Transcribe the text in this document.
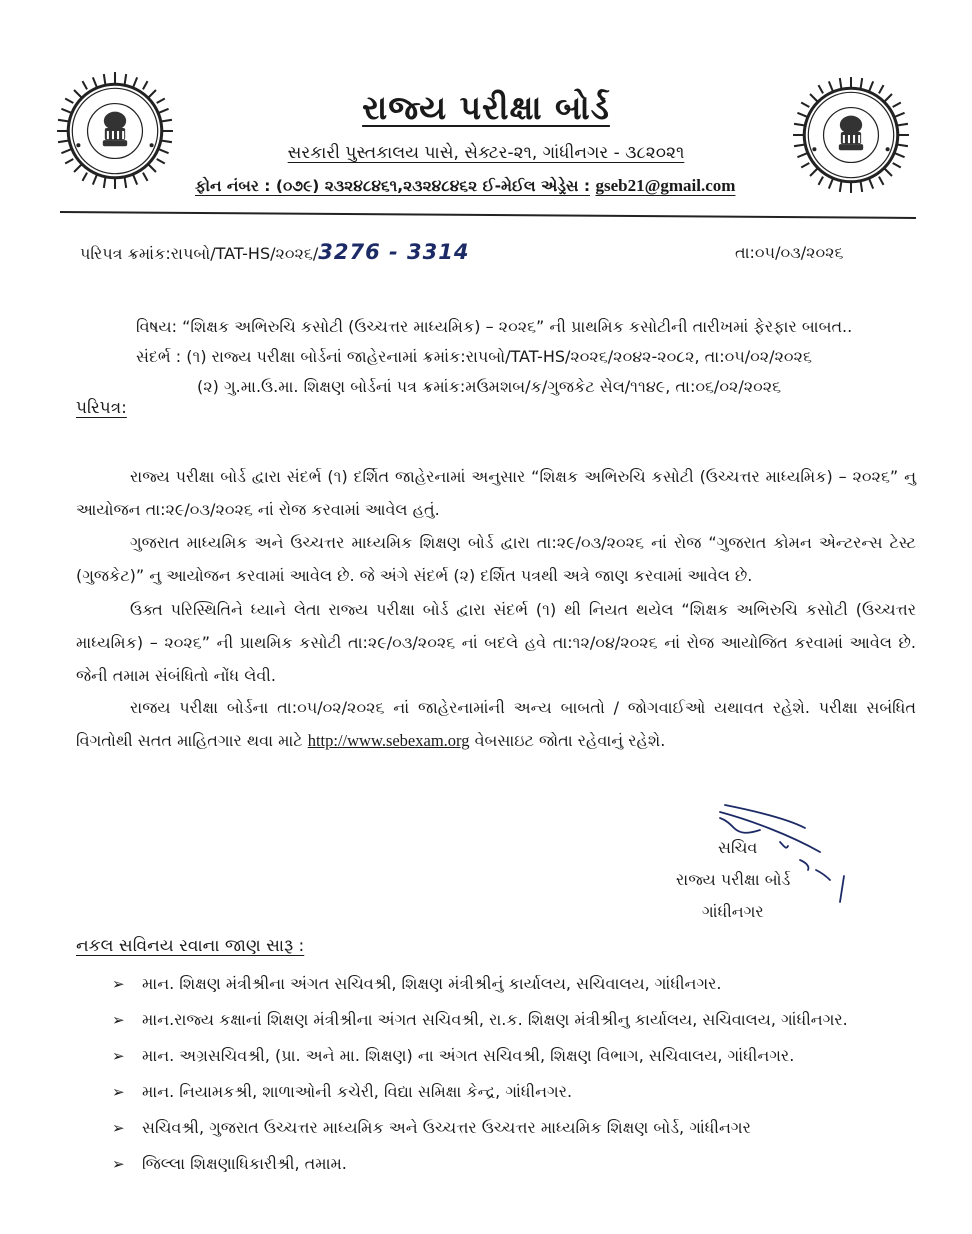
રાજ્ય પરીક્ષા બોર્ડ
સરકારી પુસ્તકાલય પાસે, સેક્ટર-૨૧, ગાંધીનગર - ૩૮૨૦૨૧
ફોન નંબર : (૦૭૯) ૨૩૨૪૮૪૬૧,૨૩૨૪૮૪૬૨ ઈ-મેઈલ એડ્રેસ : gseb21@gmail.com
પરિપત્ર ક્રમાંક:રાપબો/TAT-HS/૨૦૨૬/3276 - 3314	તા:૦૫/૦૩/૨૦૨૬
વિષય: “શિક્ષક અભિરુચિ કસોટી (ઉચ્ચત્તર માધ્યમિક) – ૨૦૨૬” ની પ્રાથમિક કસોટીની તારીખમાં ફેરફાર બાબત..
સંદર્ભ : (૧) રાજ્ય પરીક્ષા બોર્ડનાં જાહેરનામાં ક્રમાંક:રાપબો/TAT-HS/૨૦૨૬/૨૦૪૨-૨૦૮૨, તા:૦૫/૦૨/૨૦૨૬
(૨) ગુ.મા.ઉ.મા. શિક્ષણ બોર્ડનાં પત્ર ક્રમાંક:મઉમશબ/ક/ગુજકેટ સેલ/૧૧૪૯, તા:૦૬/૦૨/૨૦૨૬
પરિપત્ર:
રાજ્ય પરીક્ષા બોર્ડ દ્વારા સંદર્ભ (૧) દર્શિત જાહેરનામાં અનુસાર “શિક્ષક અભિરુચિ કસોટી (ઉચ્ચત્તર માધ્યમિક) – ૨૦૨૬” નુ આયોજન તા:૨૯/૦૩/૨૦૨૬ નાં રોજ કરવામાં આવેલ હતું.
ગુજરાત માધ્યમિક અને ઉચ્ચત્તર માધ્યમિક શિક્ષણ બોર્ડ દ્વારા તા:૨૯/૦૩/૨૦૨૬ નાં રોજ “ગુજરાત કોમન એન્ટરન્સ ટેસ્ટ (ગુજકેટ)” નુ આયોજન કરવામાં આવેલ છે. જે અંગે સંદર્ભ (૨) દર્શિત પત્રથી અત્રે જાણ કરવામાં આવેલ છે.
ઉક્ત પરિસ્થિતિને ધ્યાને લેતા રાજ્ય પરીક્ષા બોર્ડ દ્વારા સંદર્ભ (૧) થી નિયત થયેલ “શિક્ષક અભિરુચિ કસોટી (ઉચ્ચત્તર માધ્યમિક) – ૨૦૨૬” ની પ્રાથમિક કસોટી તા:૨૯/૦૩/૨૦૨૬ નાં બદલે હવે તા:૧૨/૦૪/૨૦૨૬ નાં રોજ આયોજિત કરવામાં આવેલ છે. જેની તમામ સંબંધિતો નોંધ લેવી.
રાજય પરીક્ષા બોર્ડના તા:૦૫/૦૨/૨૦૨૬ નાં જાહેરનામાંની અન્ય બાબતો / જોગવાઈઓ યથાવત રહેશે. પરીક્ષા સબંધિત વિગતોથી સતત માહિતગાર થવા માટે http://www.sebexam.org વેબસાઇટ જોતા રહેવાનું રહેશે.
સચિવ
રાજ્ય પરીક્ષા બોર્ડ
ગાંધીનગર
નકલ સવિનય રવાના જાણ સારૂ :
➢ માન. શિક્ષણ મંત્રીશ્રીના અંગત સચિવશ્રી, શિક્ષણ મંત્રીશ્રીનું કાર્યાલય, સચિવાલય, ગાંધીનગર.
➢ માન.રાજ્ય કક્ષાનાં શિક્ષણ મંત્રીશ્રીના અંગત સચિવશ્રી, રા.ક. શિક્ષણ મંત્રીશ્રીનુ કાર્યાલય, સચિવાલય, ગાંધીનગર.
➢ માન. અગ્રસચિવશ્રી, (પ્રા. અને મા. શિક્ષણ) ના અંગત સચિવશ્રી, શિક્ષણ વિભાગ, સચિવાલય, ગાંધીનગર.
➢ માન. નિયામકશ્રી, શાળાઓની કચેરી, વિદ્યા સમિક્ષા કેન્દ્ર, ગાંધીનગર.
➢ સચિવશ્રી, ગુજરાત ઉચ્ચત્તર માધ્યમિક અને ઉચ્ચત્તર ઉચ્ચત્તર માધ્યમિક શિક્ષણ બોર્ડ, ગાંધીનગર
➢ જિલ્લા શિક્ષણાધિકારીશ્રી, તમામ.
